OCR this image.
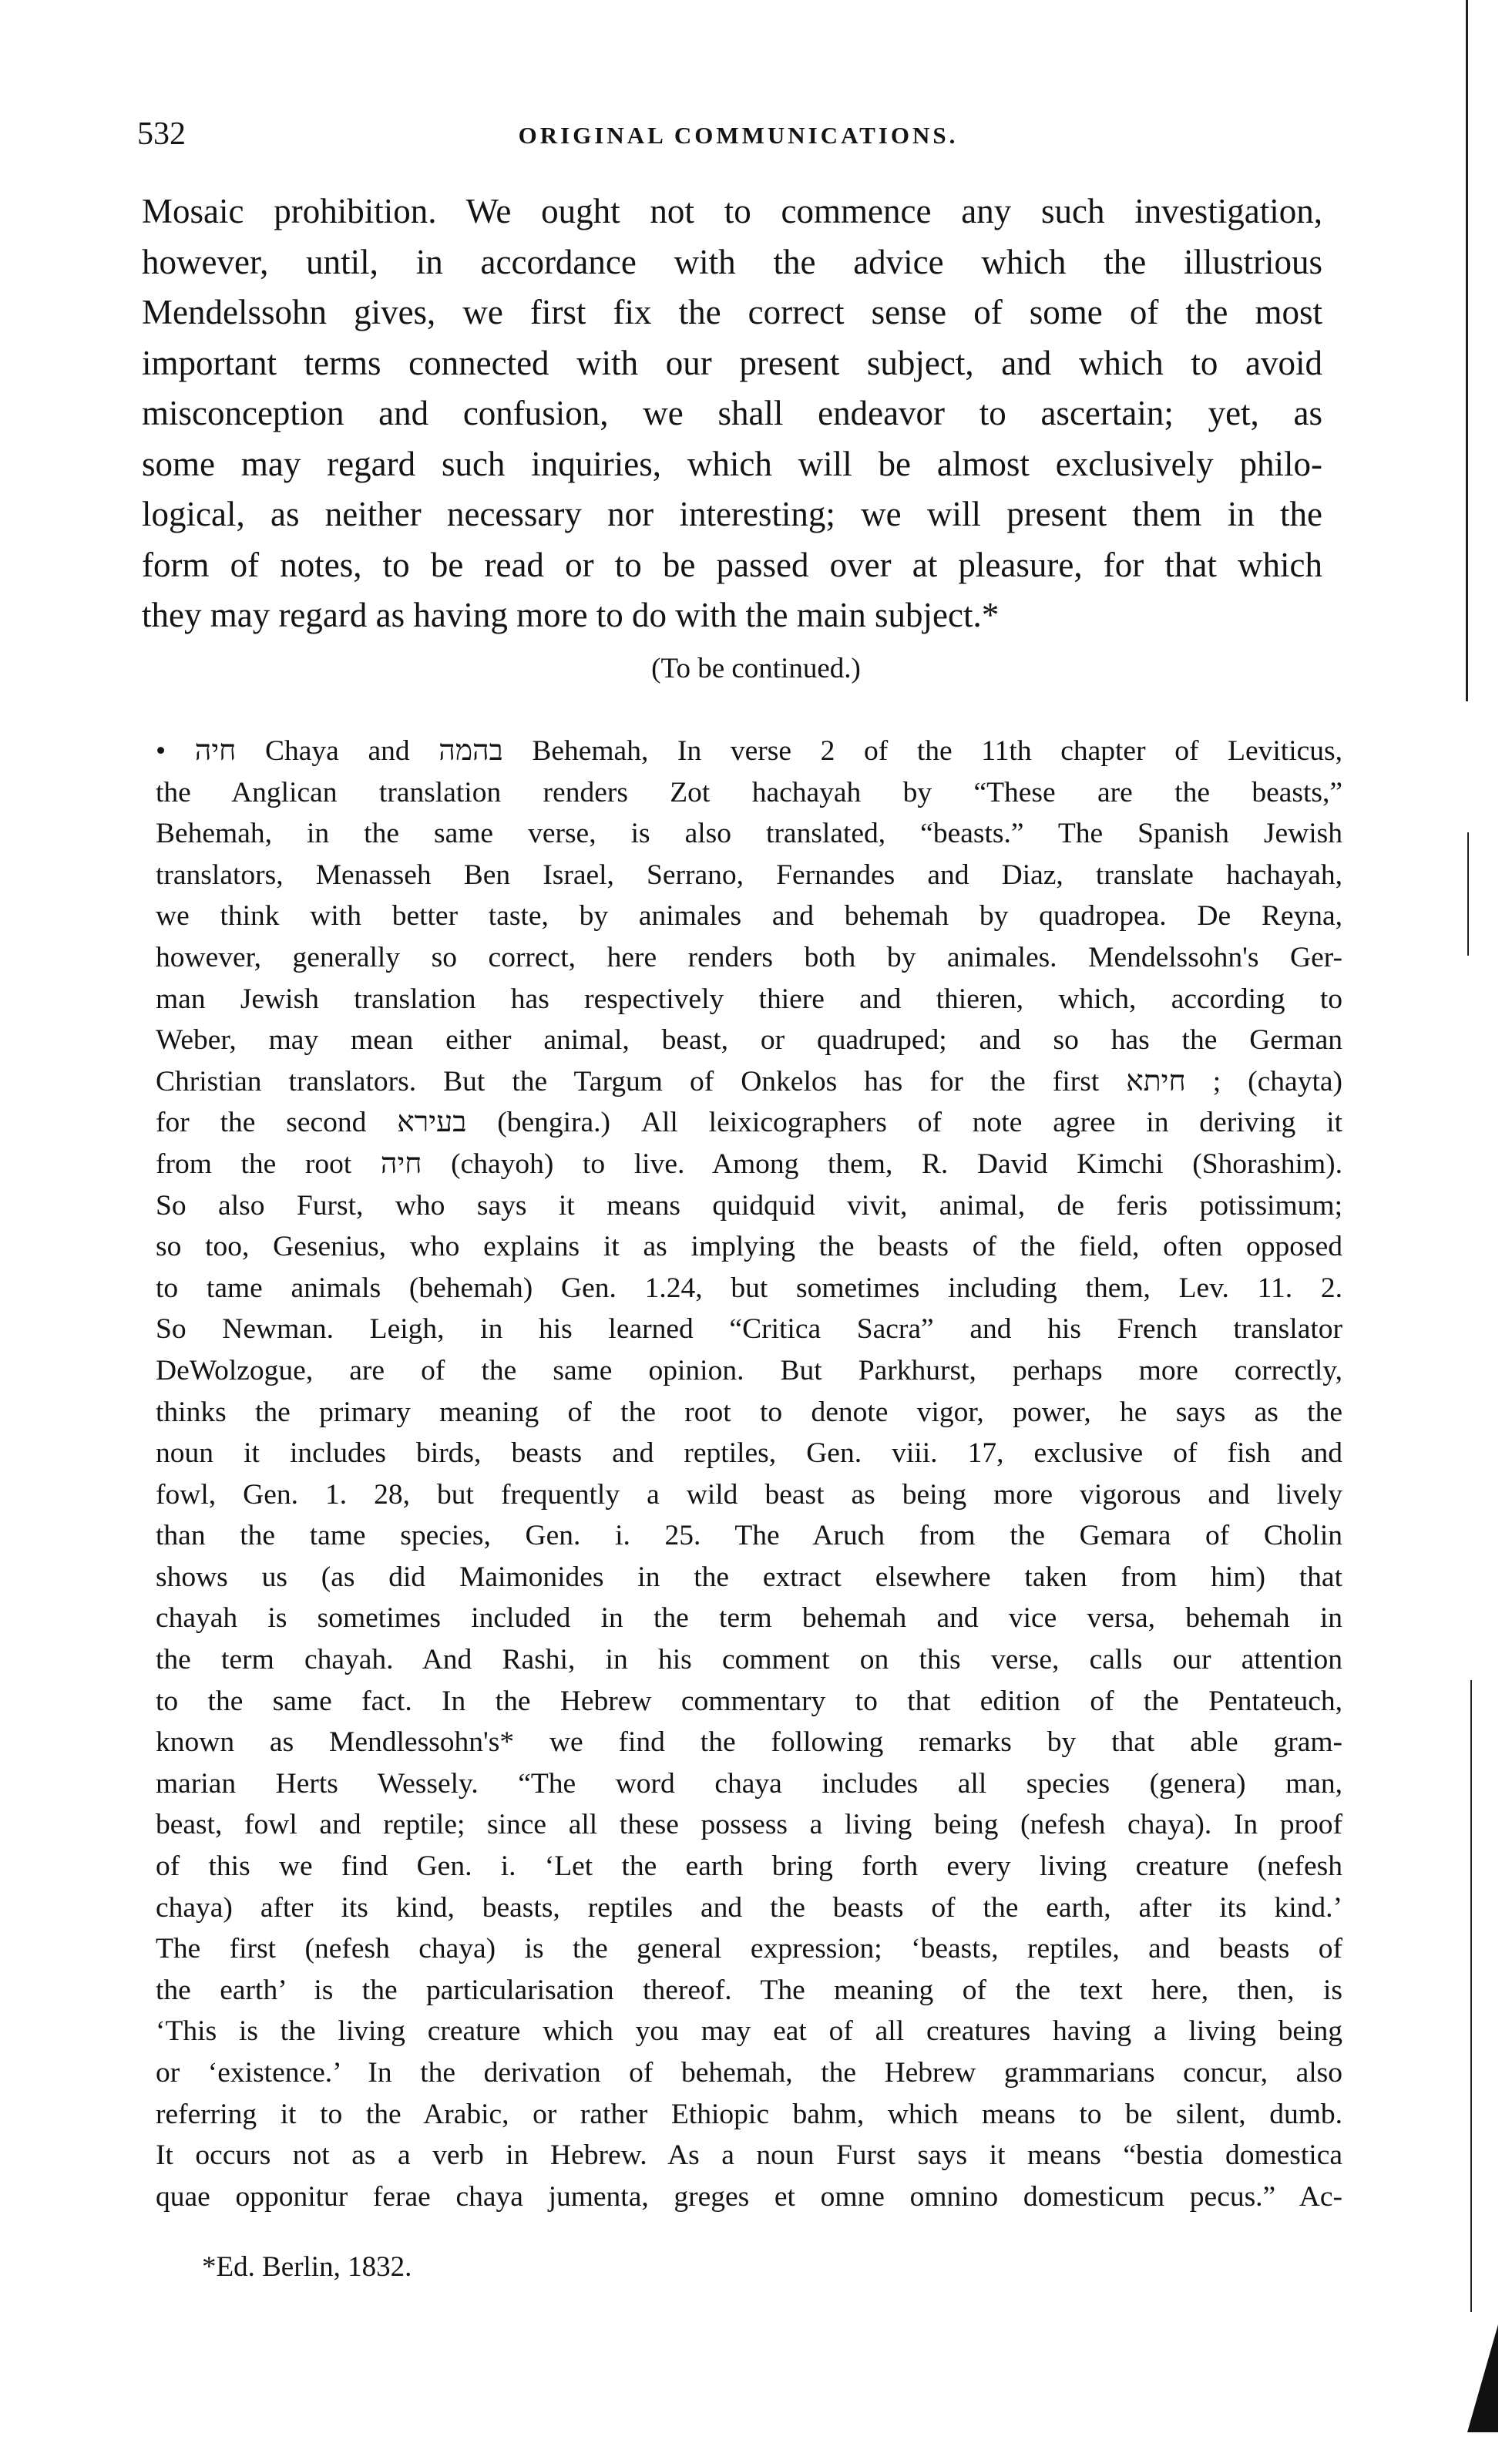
532	ORIGINAL COMMUNICATIONS.
Mosaic prohibition. We ought not to commence any such investigation,
however, until, in accordance with the advice which the illustrious
Mendelssohn gives, we first fix the correct sense of some of the most
important terms connected with our present subject, and which to avoid
misconception and confusion, we shall endeavor to ascertain; yet, as
some may regard such inquiries, which will be almost exclusively philo-
logical, as neither necessary nor interesting; we will present them in the
form of notes, to be read or to be passed over at pleasure, for that which
they may regard as having more to do with the main subject.*
(To be continued.)
• חיה Chaya and בהמה Behemah, In verse 2 of the 11th chapter of Leviticus,
the Anglican translation renders Zot hachayah by “These are the beasts,”
Behemah, in the same verse, is also translated, “beasts.” The Spanish Jewish
translators, Menasseh Ben Israel, Serrano, Fernandes and Diaz, translate hachayah,
we think with better taste, by animales and behemah by quadropea. De Reyna,
however, generally so correct, here renders both by animales. Mendelssohn's Ger-
man Jewish translation has respectively thiere and thieren, which, according to
Weber, may mean either animal, beast, or quadruped; and so has the German
Christian translators. But the Targum of Onkelos has for the first חיתא ; (chayta)
for the second בעירא (bengira.) All leixicographers of note agree in deriving it
from the root חיה (chayoh) to live. Among them, R. David Kimchi (Shorashim).
So also Furst, who says it means quidquid vivit, animal, de feris potissimum;
so too, Gesenius, who explains it as implying the beasts of the field, often opposed
to tame animals (behemah) Gen. 1.24, but sometimes including them, Lev. 11. 2.
So Newman. Leigh, in his learned “Critica Sacra” and his French translator
DeWolzogue, are of the same opinion. But Parkhurst, perhaps more correctly,
thinks the primary meaning of the root to denote vigor, power, he says as the
noun it includes birds, beasts and reptiles, Gen. viii. 17, exclusive of fish and
fowl, Gen. 1. 28, but frequently a wild beast as being more vigorous and lively
than the tame species, Gen. i. 25. The Aruch from the Gemara of Cholin
shows us (as did Maimonides in the extract elsewhere taken from him) that
chayah is sometimes included in the term behemah and vice versa, behemah in
the term chayah. And Rashi, in his comment on this verse, calls our attention
to the same fact. In the Hebrew commentary to that edition of the Pentateuch,
known as Mendlessohn's* we find the following remarks by that able gram-
marian Herts Wessely. “The word chaya includes all species (genera) man,
beast, fowl and reptile; since all these possess a living being (nefesh chaya). In proof
of this we find Gen. i. ‘Let the earth bring forth every living creature (nefesh
chaya) after its kind, beasts, reptiles and the beasts of the earth, after its kind.’
The first (nefesh chaya) is the general expression; ‘beasts, reptiles, and beasts of
the earth’ is the particularisation thereof. The meaning of the text here, then, is
‘This is the living creature which you may eat of all creatures having a living being
or ‘existence.’ In the derivation of behemah, the Hebrew grammarians concur, also
referring it to the Arabic, or rather Ethiopic bahm, which means to be silent, dumb.
It occurs not as a verb in Hebrew. As a noun Furst says it means “bestia domestica
quae opponitur ferae chaya jumenta, greges et omne omnino domesticum pecus.” Ac-
*Ed. Berlin, 1832.
